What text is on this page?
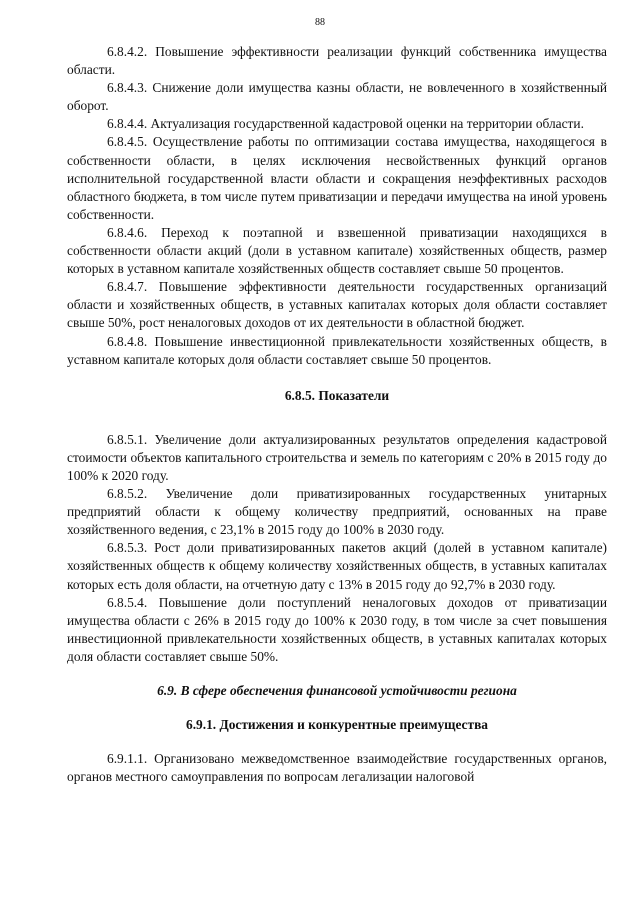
88

6.8.4.2. Повышение эффективности реализации функций собственника имущества области.

6.8.4.3. Снижение доли имущества казны области, не вовлеченного в хозяйственный оборот.

6.8.4.4. Актуализация государственной кадастровой оценки на территории области.

6.8.4.5. Осуществление работы по оптимизации состава имущества, находящегося в собственности области, в целях исключения несвойственных функций органов исполнительной государственной власти области и сокращения неэффективных расходов областного бюджета, в том числе путем приватизации и передачи имущества на иной уровень собственности.

6.8.4.6. Переход к поэтапной и взвешенной приватизации находящихся в собственности области акций (доли в уставном капитале) хозяйственных обществ, размер которых в уставном капитале хозяйственных обществ составляет свыше 50 процентов.

6.8.4.7. Повышение эффективности деятельности государственных организаций области и хозяйственных обществ, в уставных капиталах которых доля области составляет свыше 50%, рост неналоговых доходов от их деятельности в областной бюджет.

6.8.4.8. Повышение инвестиционной привлекательности хозяйственных обществ, в уставном капитале которых доля области составляет свыше 50 процентов.

6.8.5. Показатели

6.8.5.1. Увеличение доли актуализированных результатов определения кадастровой стоимости объектов капитального строительства и земель по категориям с 20% в 2015 году до 100% к 2020 году.

6.8.5.2. Увеличение доли приватизированных государственных унитарных предприятий области к общему количеству предприятий, основанных на праве хозяйственного ведения, с 23,1% в 2015 году до 100% в 2030 году.

6.8.5.3. Рост доли приватизированных пакетов акций (долей в уставном капитале) хозяйственных обществ к общему количеству хозяйственных обществ, в уставных капиталах которых есть доля области, на отчетную дату с 13% в 2015 году до 92,7% в 2030 году.

6.8.5.4. Повышение доли поступлений неналоговых доходов от приватизации имущества области с 26% в 2015 году до 100% к 2030 году, в том числе за счет повышения инвестиционной привлекательности хозяйственных обществ, в уставных капиталах которых доля области составляет свыше 50%.

6.9. В сфере обеспечения финансовой устойчивости региона
6.9.1. Достижения и конкурентные преимущества

6.9.1.1. Организовано межведомственное взаимодействие государственных органов, органов местного самоуправления по вопросам легализации налоговой
